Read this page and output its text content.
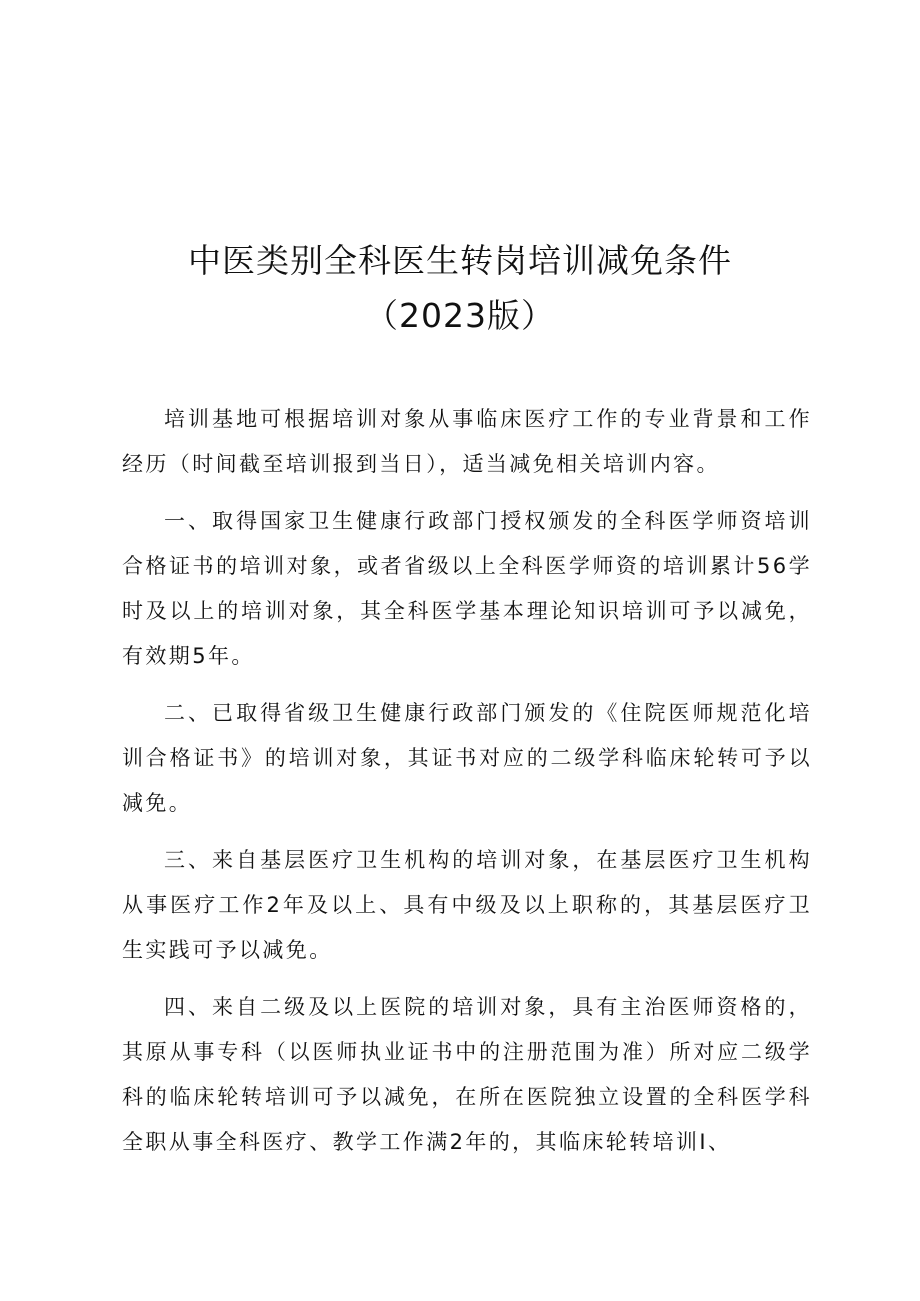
中医类别全科医生转岗培训减免条件
（2023版）

培训基地可根据培训对象从事临床医疗工作的专业背景和工作经历（时间截至培训报到当日），适当减免相关培训内容。

一、取得国家卫生健康行政部门授权颁发的全科医学师资培训合格证书的培训对象，或者省级以上全科医学师资的培训累计56学时及以上的培训对象，其全科医学基本理论知识培训可予以减免，有效期5年。

二、已取得省级卫生健康行政部门颁发的《住院医师规范化培训合格证书》的培训对象，其证书对应的二级学科临床轮转可予以减免。

三、来自基层医疗卫生机构的培训对象，在基层医疗卫生机构从事医疗工作2年及以上、具有中级及以上职称的，其基层医疗卫生实践可予以减免。

四、来自二级及以上医院的培训对象，具有主治医师资格的，其原从事专科（以医师执业证书中的注册范围为准）所对应二级学科的临床轮转培训可予以减免，在所在医院独立设置的全科医学科全职从事全科医疗、教学工作满2年的，其临床轮转培训I、
